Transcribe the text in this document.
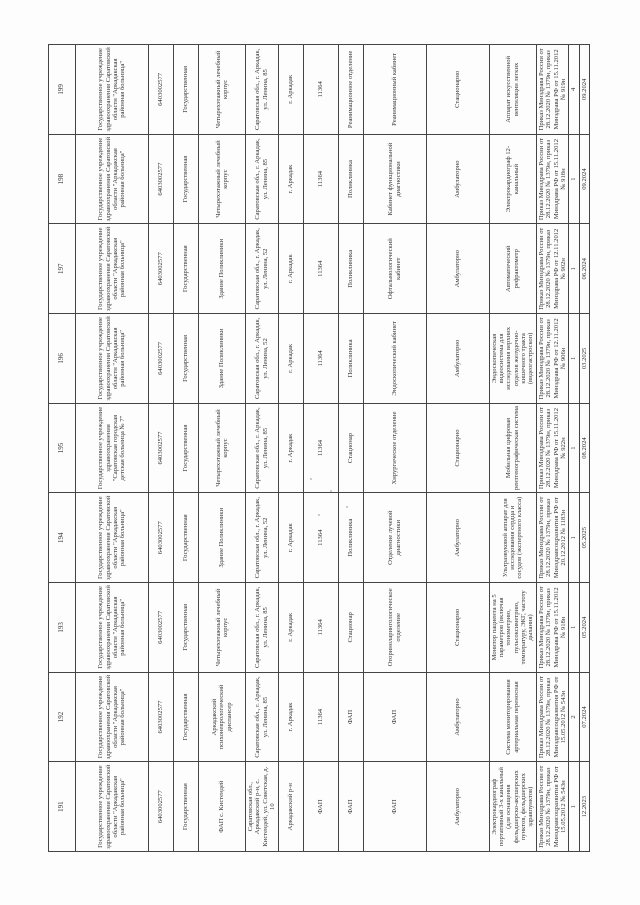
191	192	193	194	195	196	197	198	199
Государственное учреждение здравоохранения Саратовской области "Аркадакская районная больница"	Государственное учреждение здравоохранения Саратовской области "Аркадакская районная больница"	Государственное учреждение здравоохранения Саратовской области "Аркадакская районная больница"	Государственное учреждение здравоохранения Саратовской области "Аркадакская районная больница"	Государственное учреждение здравоохранения "Саратовская городская детская больница № 7"	Государственное учреждение здравоохранения Саратовской области "Аркадакская районная больница"	Государственное учреждение здравоохранения Саратовской области "Аркадакская районная больница"	Государственное учреждение здравоохранения Саратовской области "Аркадакская районная больница"	Государственное учреждение здравоохранения Саратовской области "Аркадакская районная больница"
6403002577	6403002577	6403002577	6403002577	6403002577	6403002577	6403002577	6403002577	6403002577
Государственная	Государственная	Государственная	Государственная	Государственная	Государственная	Государственная	Государственная	Государственная
ФАП с. Кистендей	Аркадакский психоневрологический диспансер	Четырехэтажный лечебный корпус	Здание Поликлиники	Четырехэтажный лечебный корпус	Здание Поликлиники	Здание Поликлиники	Четырехэтажный лечебный корпус	Четырехэтажный лечебный корпус
Саратовская обл., Аркадакский р-н, с. Кистендей, ул. Советская, д. 10	Саратовская обл., г. Аркадак, ул. Ленина, 85	Саратовская обл., г. Аркадак, ул. Ленина, 85	Саратовская обл., г. Аркадак, ул. Ленина, 52	Саратовская обл., г. Аркадак, ул. Ленина, 85	Саратовская обл., г. Аркадак, ул. Ленина, 52	Саратовская обл., г. Аркадак, ул. Ленина, 52	Саратовская обл., г. Аркадак, ул. Ленина, 85	Саратовская обл., г. Аркадак, ул. Ленина, 85
Аркадакский р-н	г. Аркадак	г. Аркадак	г. Аркадак	г. Аркадак	г. Аркадак	г. Аркадак	г. Аркадак	г. Аркадак
ФАП	11364	11364	11364	11364	11364	11364	11364	11364
ФАП	ФАП	Стационар	Поликлиника	Стационар	Поликлиника	Поликлиника	Поликлиника	Реанимационное отделение
ФАП	ФАП	Оториноларингологическое отделение	Отделение лучевой диагностики	Хирургическое отделение	Эндоскопический кабинет	Офтальмологический кабинет	Кабинет функциональной диагностики	Реанимационный кабинет
Амбулаторно	Амбулаторно	Стационарно	Амбулаторно	Стационарно	Амбулаторно	Амбулаторно	Амбулаторно	Стационарно
Электрокардиограф портативный 3-х канальный (для оснащения фельдшерско-акушерских пунктов, фельдшерских здравпунктов)	Система мониторирования артериальная переносная	Монитор пациента на 5 параметров (включая тонометрию, пульсоксиметрию, температуру, ЭКГ, частоту дыхания)	Ультразвуковой аппарат для исследования сердца и сосудов (экспертного класса)	Мобильная цифровая рентгенографическая система	Эндоскопическая видеосистема для исследования верхних отделов желудочно-кишечного тракта (видеогастроскоп)	Автоматический рефрактометр	Электрокардиограф 12-канальный	Аппарат искусственной вентиляции легких
Приказ Минздрава России от 28.12.2020 № 1379н, приказ Минздравсоцразвития РФ от 15.05.2012 № 543н	Приказ Минздрава России от 28.12.2020 № 1379н, приказ Минздравсоцразвития РФ от 15.05.2012 № 543н	Приказ Минздрава России от 28.12.2020 № 1379н, приказ Минздрава РФ от 15.11.2012 № 918н	Приказ Минздрава России от 28.12.2020 № 1379н, приказ Минздравсоцразвития РФ от 20.12.2012 № 1183н	Приказ Минздрава России от 28.12.2020 № 1379н, приказ Минздрава РФ от 15.11.2012 № 922н	Приказ Минздрава России от 28.12.2020 № 1379н, приказ Минздрава РФ от 12.11.2012 № 906н	Приказ Минздрава России от 28.12.2020 № 1379н, приказ Минздрава РФ от 12.11.2012 № 902н	Приказ Минздрава России от 28.12.2020 № 1379н, приказ Минздрава РФ от 15.11.2012 № 918н	Приказ Минздрава России от 28.12.2020 № 1379н, приказ Минздрава РФ от 15.11.2012 № 919н
1	2	1	1	1	1	1	1	4
12.2023	07.2024	05.2024	05.2025	08.2024	03.2025	06.2024	09.2024	09.2024
